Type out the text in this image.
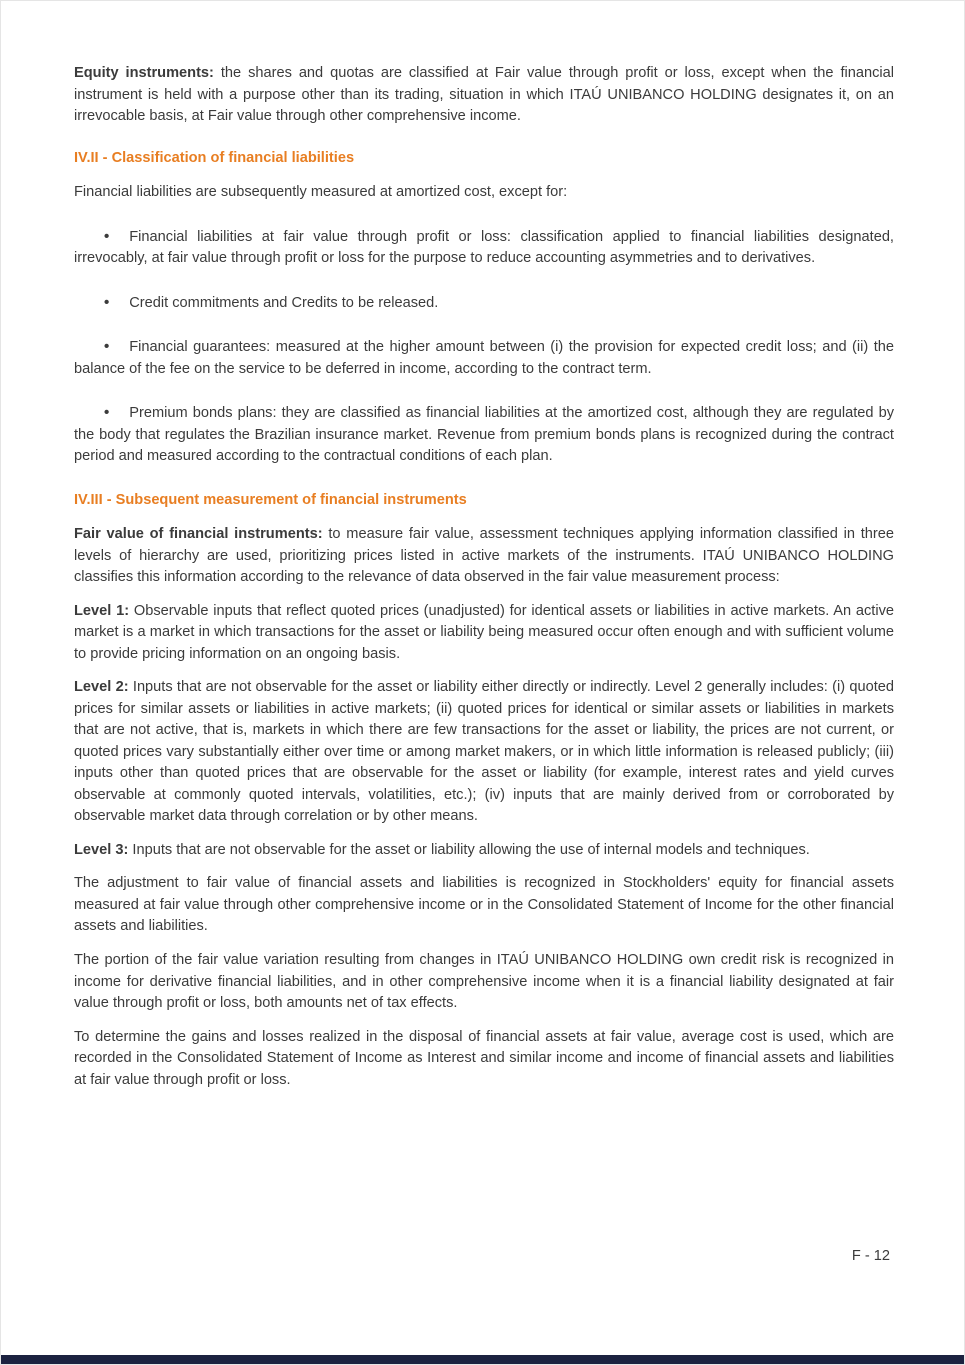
Equity instruments: the shares and quotas are classified at Fair value through profit or loss, except when the financial instrument is held with a purpose other than its trading, situation in which ITAÚ UNIBANCO HOLDING designates it, on an irrevocable basis, at Fair value through other comprehensive income.

IV.II - Classification of financial liabilities

Financial liabilities are subsequently measured at amortized cost, except for:

• Financial liabilities at fair value through profit or loss: classification applied to financial liabilities designated, irrevocably, at fair value through profit or loss for the purpose to reduce accounting asymmetries and to derivatives.

• Credit commitments and Credits to be released.

• Financial guarantees: measured at the higher amount between (i) the provision for expected credit loss; and (ii) the balance of the fee on the service to be deferred in income, according to the contract term.

• Premium bonds plans: they are classified as financial liabilities at the amortized cost, although they are regulated by the body that regulates the Brazilian insurance market. Revenue from premium bonds plans is recognized during the contract period and measured according to the contractual conditions of each plan.

IV.III - Subsequent measurement of financial instruments

Fair value of financial instruments: to measure fair value, assessment techniques applying information classified in three levels of hierarchy are used, prioritizing prices listed in active markets of the instruments. ITAÚ UNIBANCO HOLDING classifies this information according to the relevance of data observed in the fair value measurement process:

Level 1: Observable inputs that reflect quoted prices (unadjusted) for identical assets or liabilities in active markets. An active market is a market in which transactions for the asset or liability being measured occur often enough and with sufficient volume to provide pricing information on an ongoing basis.

Level 2: Inputs that are not observable for the asset or liability either directly or indirectly. Level 2 generally includes: (i) quoted prices for similar assets or liabilities in active markets; (ii) quoted prices for identical or similar assets or liabilities in markets that are not active, that is, markets in which there are few transactions for the asset or liability, the prices are not current, or quoted prices vary substantially either over time or among market makers, or in which little information is released publicly; (iii) inputs other than quoted prices that are observable for the asset or liability (for example, interest rates and yield curves observable at commonly quoted intervals, volatilities, etc.); (iv) inputs that are mainly derived from or corroborated by observable market data through correlation or by other means.

Level 3: Inputs that are not observable for the asset or liability allowing the use of internal models and techniques.

The adjustment to fair value of financial assets and liabilities is recognized in Stockholders' equity for financial assets measured at fair value through other comprehensive income or in the Consolidated Statement of Income for the other financial assets and liabilities.

The portion of the fair value variation resulting from changes in ITAÚ UNIBANCO HOLDING own credit risk is recognized in income for derivative financial liabilities, and in other comprehensive income when it is a financial liability designated at fair value through profit or loss, both amounts net of tax effects.

To determine the gains and losses realized in the disposal of financial assets at fair value, average cost is used, which are recorded in the Consolidated Statement of Income as Interest and similar income and income of financial assets and liabilities at fair value through profit or loss.

F - 12
